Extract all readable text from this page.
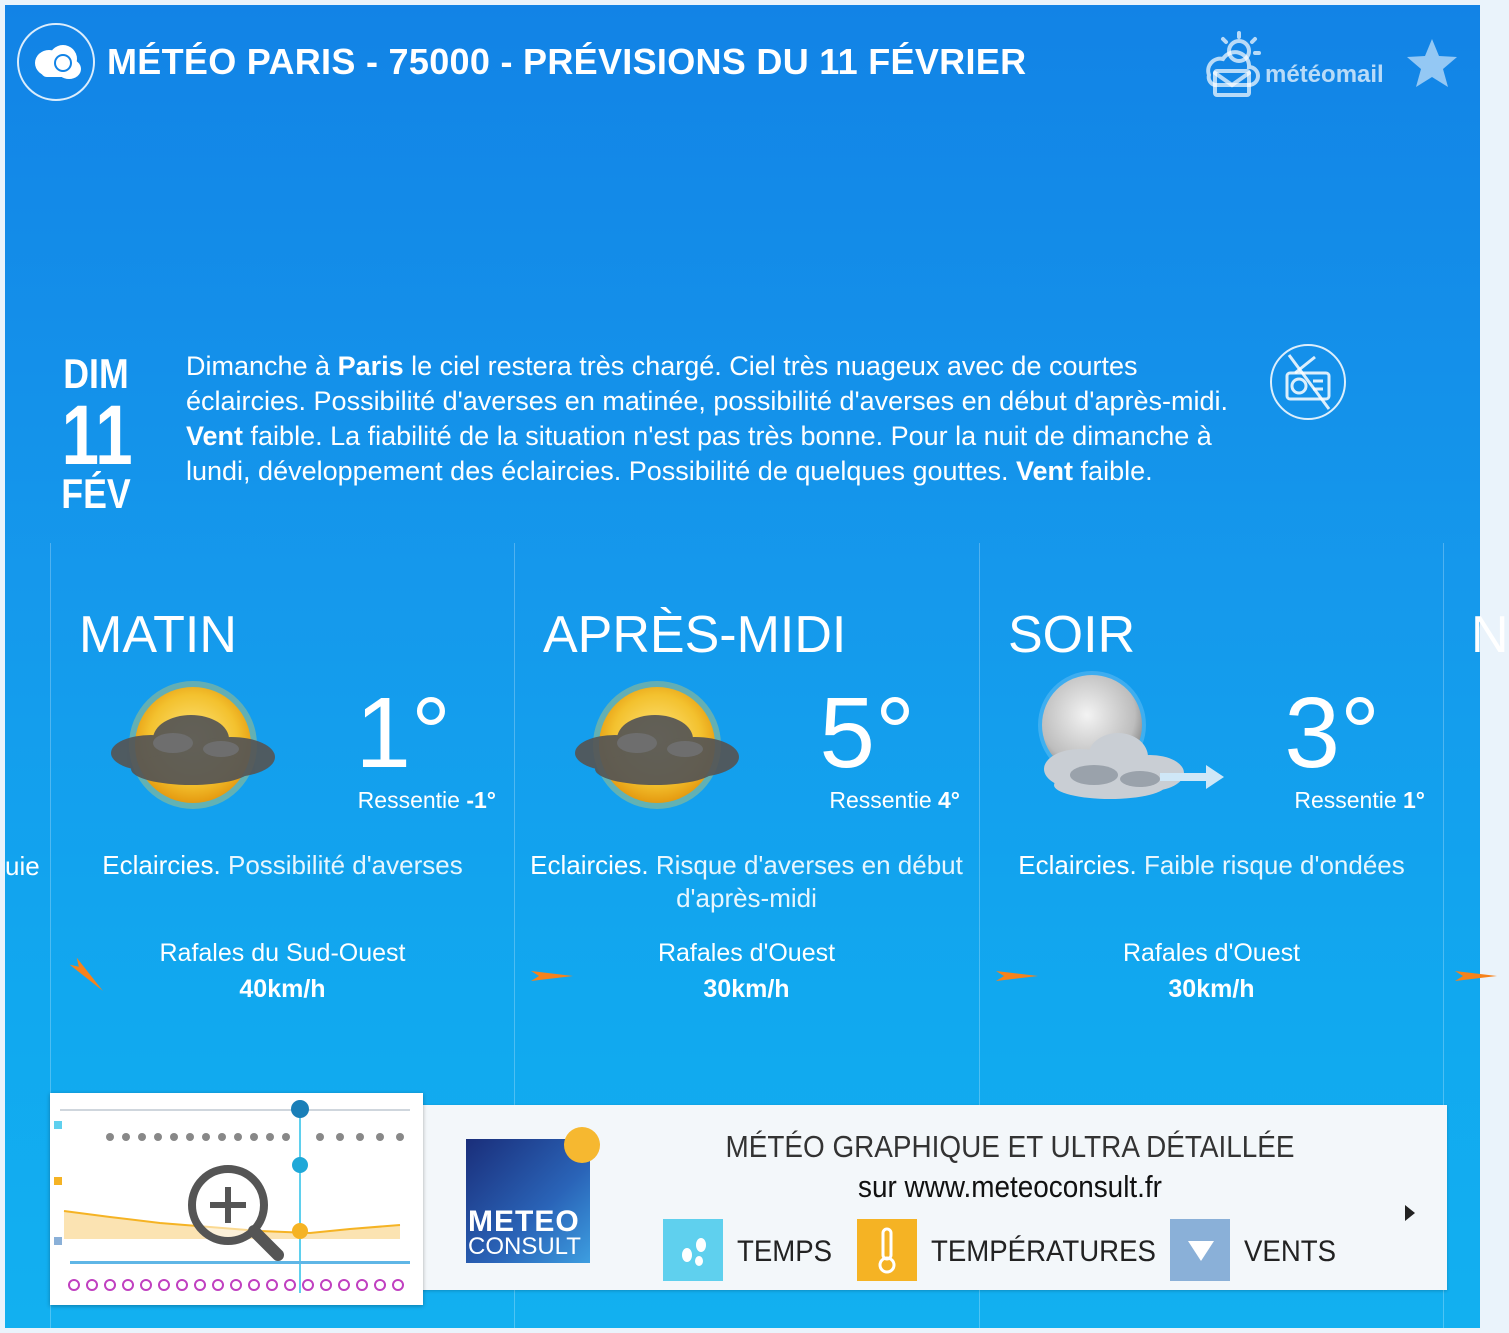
MÉTÉO PARIS - 75000 - PRÉVISIONS DU 11 FÉVRIER	météomail
DIM
11
FÉV
Dimanche à Paris le ciel restera très chargé. Ciel très nuageux avec de courtes éclaircies. Possibilité d'averses en matinée, possibilité d'averses en début d'après-midi. Vent faible. La fiabilité de la situation n'est pas très bonne. Pour la nuit de dimanche à lundi, développement des éclaircies. Possibilité de quelques gouttes. Vent faible.
uie
N
MATIN
1°
Ressentie -1°
Eclaircies. Possibilité d'averses
Rafales du Sud-Ouest
40km/h
APRÈS-MIDI
5°
Ressentie 4°
Eclaircies. Risque d'averses en début d'après-midi
Rafales d'Ouest
30km/h
SOIR
3°
Ressentie 1°
Eclaircies. Faible risque d'ondées
Rafales d'Ouest
30km/h
METEO
CONSULT
MÉTÉO GRAPHIQUE ET ULTRA DÉTAILLÉE
sur www.meteoconsult.fr
TEMPS	TEMPÉRATURES	VENTS
